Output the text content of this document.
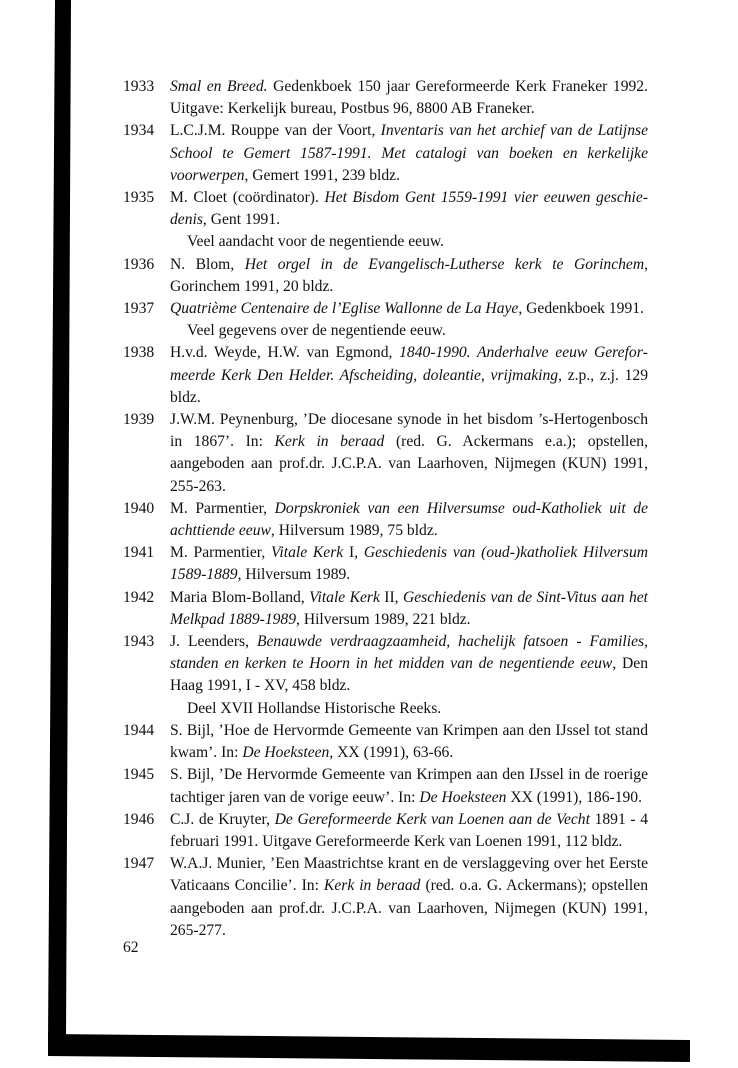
1933 Smal en Breed. Gedenkboek 150 jaar Gereformeerde Kerk Franeker 1992. Uitgave: Kerkelijk bureau, Postbus 96, 8800 AB Franeker.
1934 L.C.J.M. Rouppe van der Voort, Inventaris van het archief van de Latijnse School te Gemert 1587-1991. Met catalogi van boeken en kerkelijke voorwerpen, Gemert 1991, 239 bldz.
1935 M. Cloet (coördinator). Het Bisdom Gent 1559-1991 vier eeuwen geschiedenis, Gent 1991.
Veel aandacht voor de negentiende eeuw.
1936 N. Blom, Het orgel in de Evangelisch-Lutherse kerk te Gorinchem, Gorinchem 1991, 20 bldz.
1937 Quatrième Centenaire de l’Eglise Wallonne de La Haye, Gedenkboek 1991.
Veel gegevens over de negentiende eeuw.
1938 H.v.d. Weyde, H.W. van Egmond, 1840-1990. Anderhalve eeuw Gereformeerde Kerk Den Helder. Afscheiding, doleantie, vrijmaking, z.p., z.j. 129 bldz.
1939 J.W.M. Peynenburg, ’De diocesane synode in het bisdom ’s-Hertogenbosch in 1867’. In: Kerk in beraad (red. G. Ackermans e.a.); opstellen, aangeboden aan prof.dr. J.C.P.A. van Laarhoven, Nijmegen (KUN) 1991, 255-263.
1940 M. Parmentier, Dorpskroniek van een Hilversumse oud-Katholiek uit de achttiende eeuw, Hilversum 1989, 75 bldz.
1941 M. Parmentier, Vitale Kerk I, Geschiedenis van (oud-)katholiek Hilversum 1589-1889, Hilversum 1989.
1942 Maria Blom-Bolland, Vitale Kerk II, Geschiedenis van de Sint-Vitus aan het Melkpad 1889-1989, Hilversum 1989, 221 bldz.
1943 J. Leenders, Benauwde verdraagzaamheid, hachelijk fatsoen - Families, standen en kerken te Hoorn in het midden van de negentiende eeuw, Den Haag 1991, I - XV, 458 bldz.
Deel XVII Hollandse Historische Reeks.
1944 S. Bijl, ’Hoe de Hervormde Gemeente van Krimpen aan den IJssel tot stand kwam’. In: De Hoeksteen, XX (1991), 63-66.
1945 S. Bijl, ’De Hervormde Gemeente van Krimpen aan den IJssel in de roerige tachtiger jaren van de vorige eeuw’. In: De Hoeksteen XX (1991), 186-190.
1946 C.J. de Kruyter, De Gereformeerde Kerk van Loenen aan de Vecht 1891 - 4 februari 1991. Uitgave Gereformeerde Kerk van Loenen 1991, 112 bldz.
1947 W.A.J. Munier, ’Een Maastrichtse krant en de verslaggeving over het Eerste Vaticaans Concilie’. In: Kerk in beraad (red. o.a. G. Ackermans); opstellen aangeboden aan prof.dr. J.C.P.A. van Laarhoven, Nijmegen (KUN) 1991, 265-277.
62
